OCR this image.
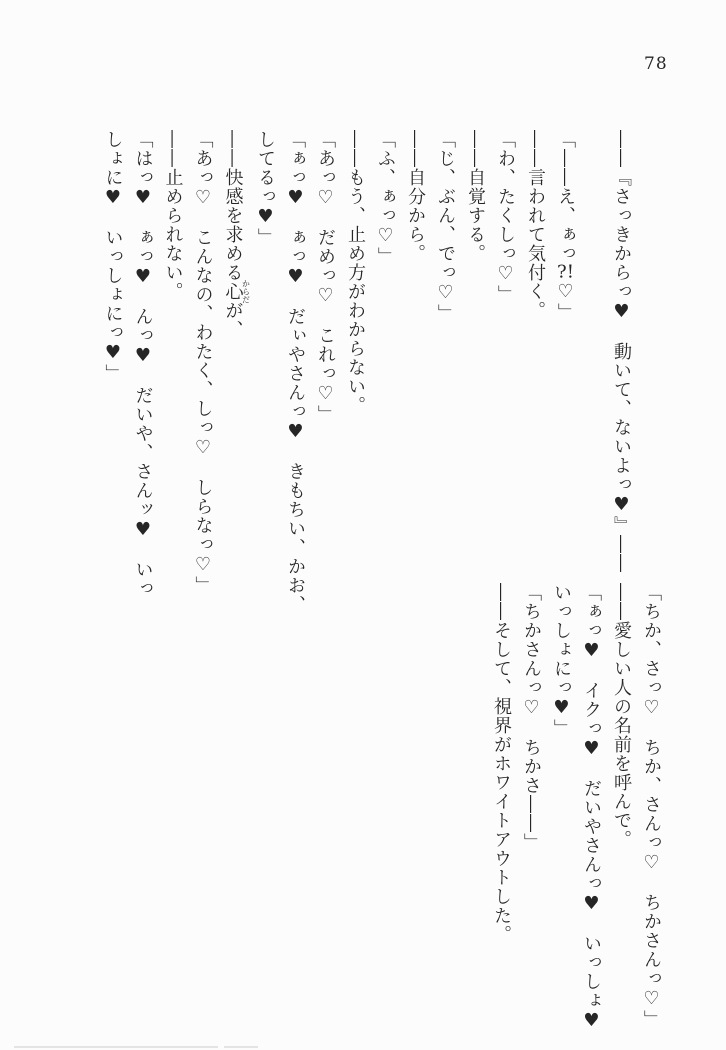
78
――『さっきからっ♥　動いて、ないよっ♥』――
「――え、ぁっ?!♡」
――言われて気付く。
「わ、たくしっ♡」
――自覚する。
「じ、ぶん、でっ♡」
――自分から。
「ふ、ぁっ♡」
――もう、止め方がわからない。
「あっ♡　だめっ♡　これっ♡」
「ぁっ♥　ぁっ♥　だぃやさんっ♥　きもちい、かお、
してるっ♥」
――快感を求める心からだが、
「あっ♡　こんなの、わたく、しっ♡　しらなっ♡」
――止められない。
「はっ♥　ぁっ♥　んっ♥　だいや、さんッ♥　いっ
しょに♥　いっしょにっ♥」
「ちか、さっ♡　ちか、さんっ♡　ちかさんっ♡」
――愛しい人の名前を呼んで。
「ぁっ♥　イクっ♥　だいやさんっ♥　いっしょ♥
いっしょにっ♥」
「ちかさんっ♡　ちかさ――」
――そして、視界がホワイトアウトした。
